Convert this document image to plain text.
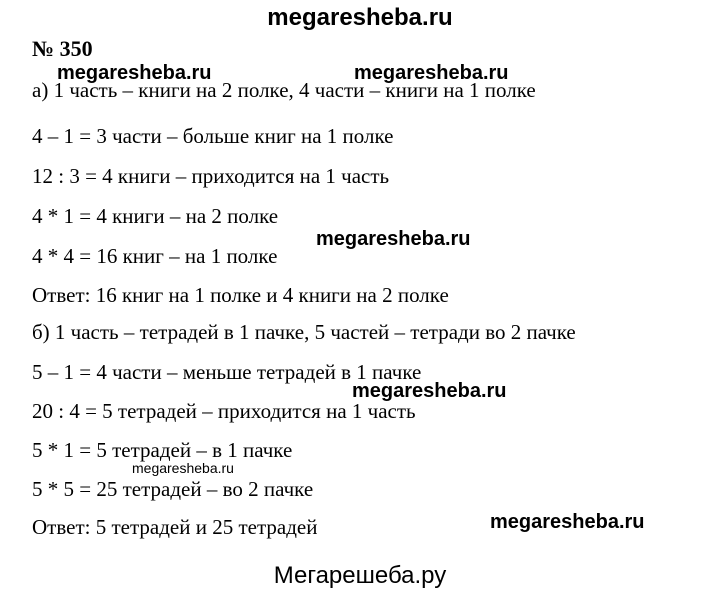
megaresheba.ru
№ 350
а) 1 часть – книги на 2 полке, 4 части – книги на 1 полке
4 – 1 = 3 части – больше книг на 1 полке
12 : 3 = 4 книги – приходится на 1 часть
4 * 1 = 4 книги – на 2 полке
4 * 4 = 16 книг – на 1 полке
Ответ: 16 книг на 1 полке и 4 книги на 2 полке
б) 1 часть – тетрадей в 1 пачке, 5 частей – тетради во 2 пачке
5 – 1 = 4 части – меньше тетрадей в 1 пачке
20 : 4 = 5 тетрадей – приходится на 1 часть
5 * 1 = 5 тетрадей – в 1 пачке
5 * 5 = 25 тетрадей – во 2 пачке
Ответ: 5 тетрадей и 25 тетрадей
megaresheba.ru	megaresheba.ru
megaresheba.ru
megaresheba.ru
megaresheba.ru
megaresheba.ru
Мегарешеба.ру
